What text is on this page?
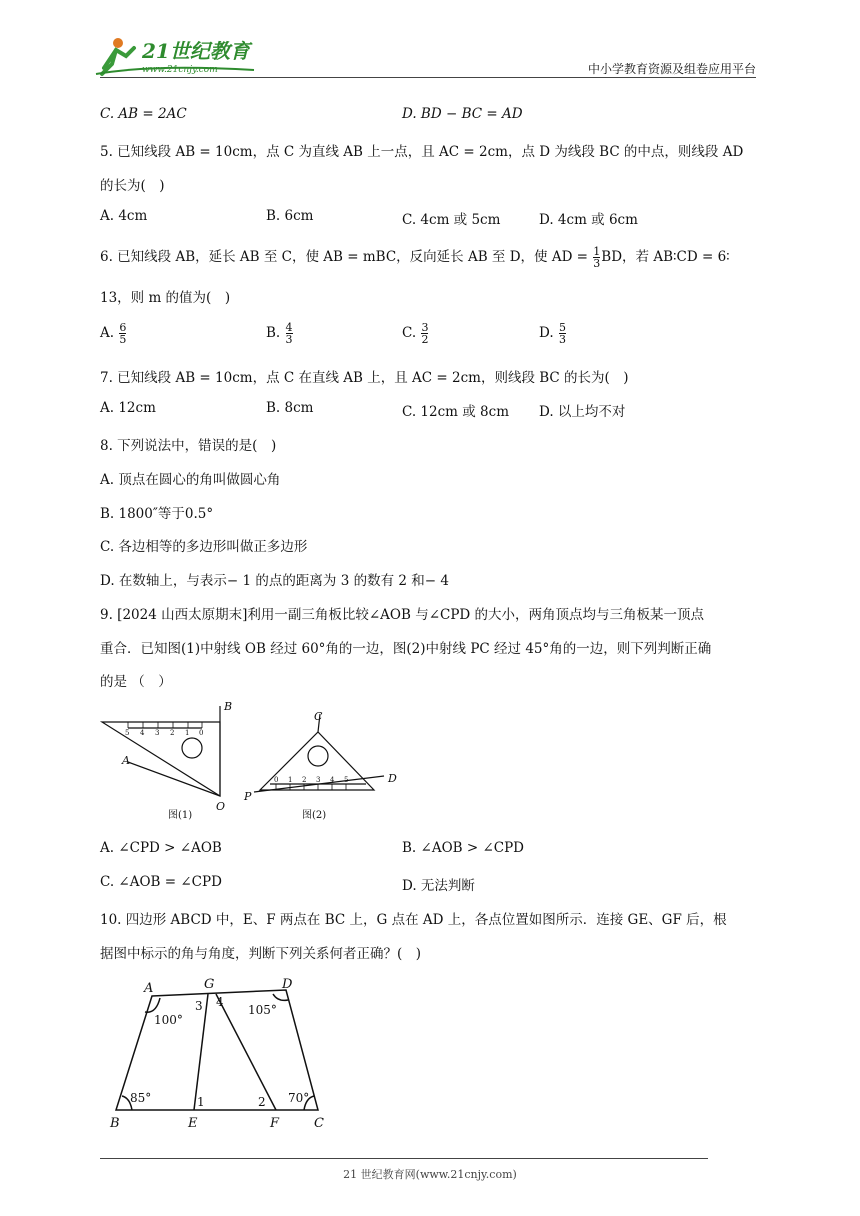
21世纪教育
www.21cnjy.com	中小学教育资源及组卷应用平台
C. AB = 2AC	D. BD − BC = AD
5. 已知线段 AB = 10cm，点 C 为直线 AB 上一点，且 AC = 2cm，点 D 为线段 BC 的中点，则线段 AD
的长为(　)
A. 4cm	B. 6cm	C. 4cm 或 5cm	D. 4cm 或 6cm
6. 已知线段 AB，延长 AB 至 C，使 AB = mBC，反向延长 AB 至 D，使 AD = $\frac{1}{3}$ BD，若 AB∶CD = 6∶
13，则 m 的值为(　)
A. $\frac{6}{5}$	B. $\frac{4}{3}$	C. $\frac{3}{2}$	D. $\frac{5}{3}$
7. 已知线段 AB = 10cm，点 C 在直线 AB 上，且 AC = 2cm，则线段 BC 的长为(　)
A. 12cm	B. 8cm	C. 12cm 或 8cm D. 以上均不对
8. 下列说法中，错误的是(　)
A. 顶点在圆心的角叫做圆心角
B. 1800″等于0.5°
C. 各边相等的多边形叫做正多边形
D. 在数轴上，与表示− 1 的点的距离为 3 的数有 2 和− 4
9. [2024 山西太原期末]利用一副三角板比较∠AOB 与∠CPD 的大小，两角顶点均与三角板某一顶点
重合．已知图(1)中射线 OB 经过 60°角的一边，图(2)中射线 PC 经过 45°角的一边，则下列判断正确
的是 （　）
5 4 3 2 1 0
B
A
O
图(1)
0 1 2 3 4 5
C
D
P
图(2)
A. ∠CPD > ∠AOB	B. ∠AOB > ∠CPD
C. ∠AOB = ∠CPD	D. 无法判断
10. 四边形 ABCD 中，E、F 两点在 BC 上，G 点在 AD 上，各点位置如图所示．连接 GE、GF 后，根
据图中标示的角与角度，判断下列关系何者正确？(　)
A	G	D
B	E	F	C
3 4
1	2
100°
105°
85°	70°
21 世纪教育网(www.21cnjy.com)
